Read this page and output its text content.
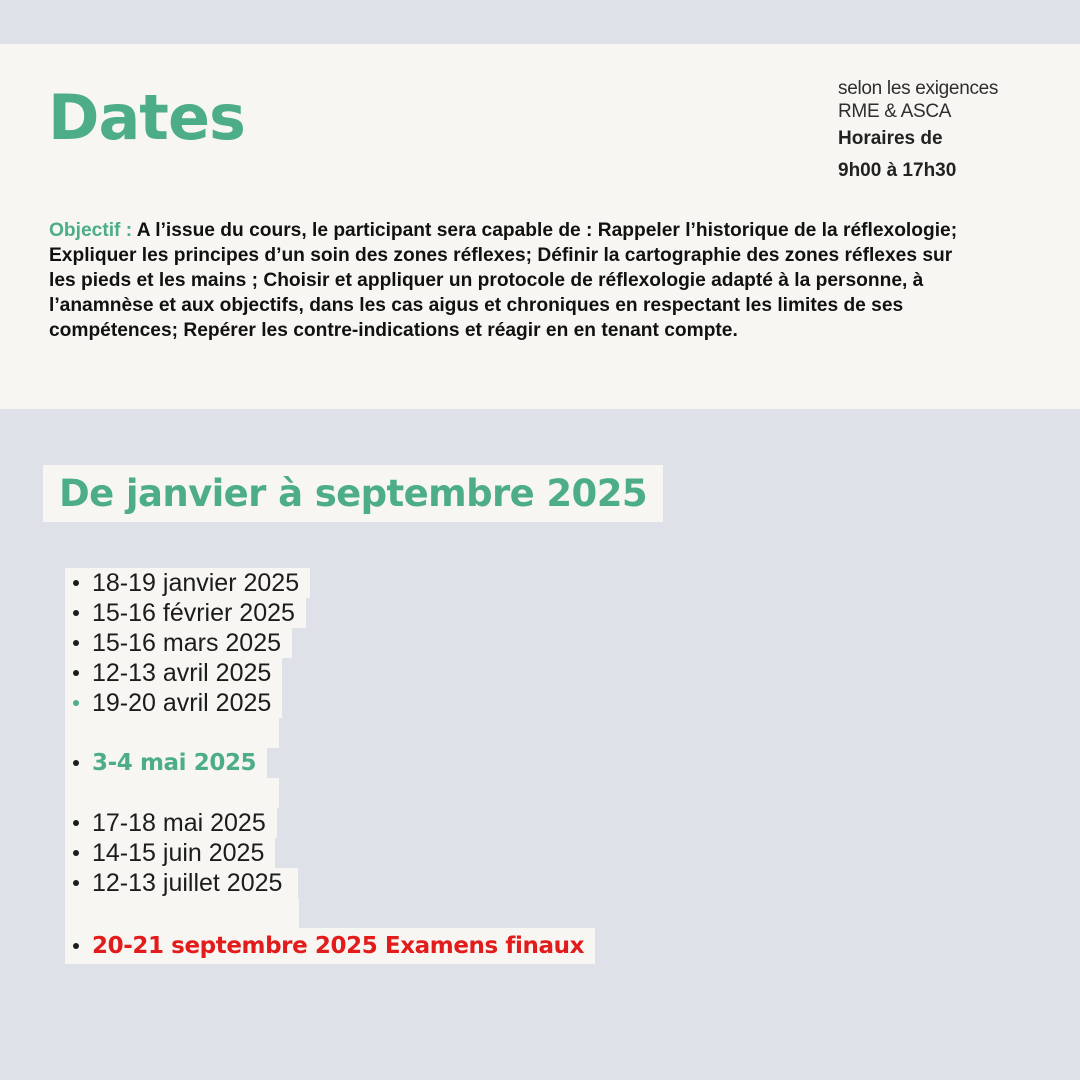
Dates	selon les exigences
RME & ASCA
Horaires de
9h00 à 17h30

Objectif : A l’issue du cours, le participant sera capable de : Rappeler l’historique de la réflexologie; Expliquer les principes d’un soin des zones réflexes; Définir la cartographie des zones réflexes sur les pieds et les mains ; Choisir et appliquer un protocole de réflexologie adapté à la personne, à l’anamnèse et aux objectifs, dans les cas aigus et chroniques en respectant les limites de ses compétences; Repérer les contre-indications et réagir en en tenant compte.

De janvier à septembre 2025
18-19 janvier 2025
15-16 février 2025
15-16 mars 2025
12-13 avril 2025
19-20 avril 2025
3-4 mai 2025
17-18 mai 2025
14-15 juin 2025
12-13 juillet 2025
20-21 septembre 2025 Examens finaux
